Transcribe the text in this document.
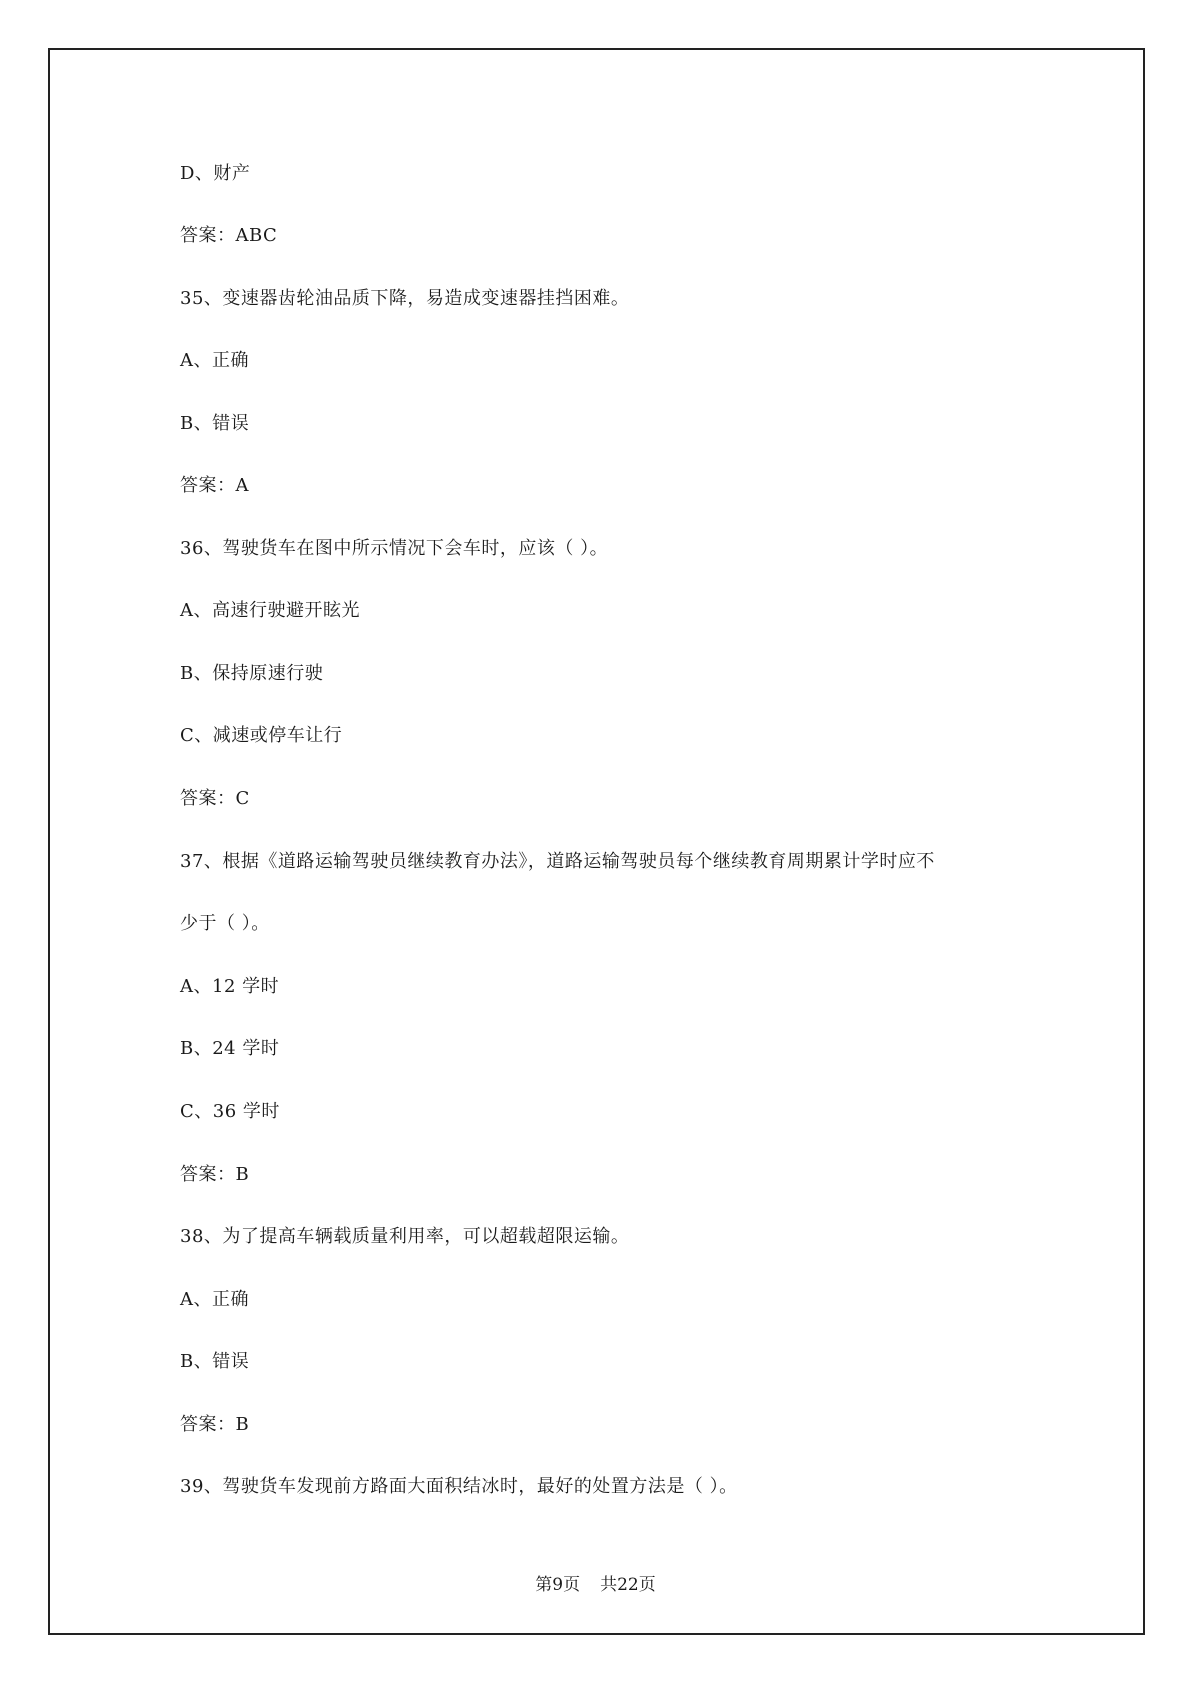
D、财产
答案：ABC
35、变速器齿轮油品质下降，易造成变速器挂挡困难。
A、正确
B、错误
答案：A
36、驾驶货车在图中所示情况下会车时，应该（ ）。
A、高速行驶避开眩光
B、保持原速行驶
C、减速或停车让行
答案：C
37、根据《道路运输驾驶员继续教育办法》，道路运输驾驶员每个继续教育周期累计学时应不
少于（ ）。
A、12 学时
B、24 学时
C、36 学时
答案：B
38、为了提高车辆载质量利用率，可以超载超限运输。
A、正确
B、错误
答案：B
39、驾驶货车发现前方路面大面积结冰时，最好的处置方法是（ ）。
第9页 共22页
